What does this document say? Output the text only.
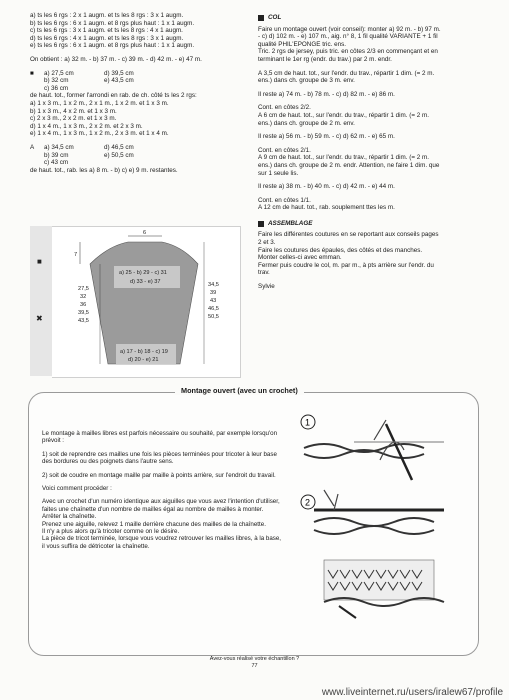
a) ts les 6 rgs : 2 x 1 augm. et ts les 8 rgs : 3 x 1 augm.
b) ts les 6 rgs : 6 x 1 augm. et 8 rgs plus haut : 1 x 1 augm.
c) ts les 6 rgs : 3 x 1 augm. et ts les 8 rgs : 4 x 1 augm.
d) ts les 6 rgs : 4 x 1 augm. et ts les 8 rgs : 3 x 1 augm.
e) ts les 6 rgs : 6 x 1 augm. et 8 rgs plus haut : 1 x 1 augm.
On obtient : a) 32 m. - b) 37 m. - c) 39 m. - d) 42 m. - e) 47 m.
■	a) 27,5 cm	d) 39,5 cm
b) 32 cm	e) 43,5 cm
c) 36 cm
de haut. tot., former l'arrondi en rab. de ch. côté ts les 2 rgs:
a) 1 x 3 m., 1 x 2 m., 2 x 1 m., 1 x 2 m. et 1 x 3 m.
b) 1 x 3 m., 4 x 2 m. et 1 x 3 m.
c) 2 x 3 m., 2 x 2 m. et 1 x 3 m.
d) 1 x 4 m., 1 x 3 m., 2 x 2 m. et 2 x 3 m.
e) 1 x 4 m., 1 x 3 m., 1 x 2 m., 2 x 3 m. et 1 x 4 m.
A	a) 34,5 cm	d) 46,5 cm
b) 39 cm	e) 50,5 cm
c) 43 cm
de haut. tot., rab. les a) 8 m. - b) c) e) 9 m. restantes.
■
✖
6
7
a) 25 - b) 29 - c) 31
d) 33 - e) 37
a) 17 - b) 18 - c) 19
d) 20 - e) 21
27,5
32
36
39,5
43,5
34,5
39
43
46,5
50,5
COL
Faire un montage ouvert (voir conseil): monter a) 92 m. - b) 97 m.
- c) d) 102 m. - e) 107 m., aig. n° 8, 1 fil qualité VARIANTE + 1 fil
qualité PHIL'EPONGE tric. ens.
Tric. 2 rgs de jersey, puis tric. en côtes 2/3 en commençant et en
terminant le 1er rg (endr. du trav.) par 2 m. endr.
A 3,5 cm de haut. tot., sur l'endr. du trav., répartir 1 dim. (= 2 m.
ens.) dans ch. groupe de 3 m. env.
Il reste a) 74 m. - b) 78 m. - c) d) 82 m. - e) 86 m.
Cont. en côtes 2/2.
A 6 cm de haut. tot., sur l'endr. du trav., répartir 1 dim. (= 2 m.
ens.) dans ch. groupe de 2 m. env.
Il reste a) 56 m. - b) 59 m. - c) d) 62 m. - e) 65 m.
Cont. en côtes 2/1.
A 9 cm de haut. tot., sur l'endr. du trav., répartir 1 dim. (= 2 m.
ens.) dans ch. groupe de 2 m. endr. Attention, ne faire 1 dim. que
sur 1 seule lis.
Il reste a) 38 m. - b) 40 m. - c) d) 42 m. - e) 44 m.
Cont. en côtes 1/1.
A 12 cm de haut. tot., rab. souplement ttes les m.
ASSEMBLAGE
Faire les différentes coutures en se reportant aux conseils pages
2 et 3.
Faire les coutures des épaules, des côtés et des manches.
Monter celles-ci avec emman.
Fermer puis coudre le col, m. par m., à pts arrière sur l'endr. du
trav.
Sylvie
Montage ouvert (avec un crochet)

Le montage à mailles libres est parfois nécessaire ou souhaité, par exemple lorsqu'on prévoit :

1) soit de reprendre ces mailles une fois les pièces terminées pour tricoter à leur base des bordures ou des poignets dans l'autre sens.

2) soit de coudre en montage maille par maille à points arrière, sur l'endroit du travail.

Voici comment procéder :

Avec un crochet d'un numéro identique aux aiguilles que vous avez l'intention d'utiliser, faites une chaînette d'un nombre de mailles égal au nombre de mailles à monter.
Arrêter la chaînette.
Prenez une aiguille, relevez 1 maille derrière chacune des mailles de la chaînette.
Il n'y a plus alors qu'à tricoter comme on le désire.
La pièce de tricot terminée, lorsque vous voudrez retrouver les mailles libres, à la base, il vous suffira de détricoter la chaînette.

1
2
Avez-vous réalisé votre échantillon ?
77
www.liveinternet.ru/users/iralew67/profile
